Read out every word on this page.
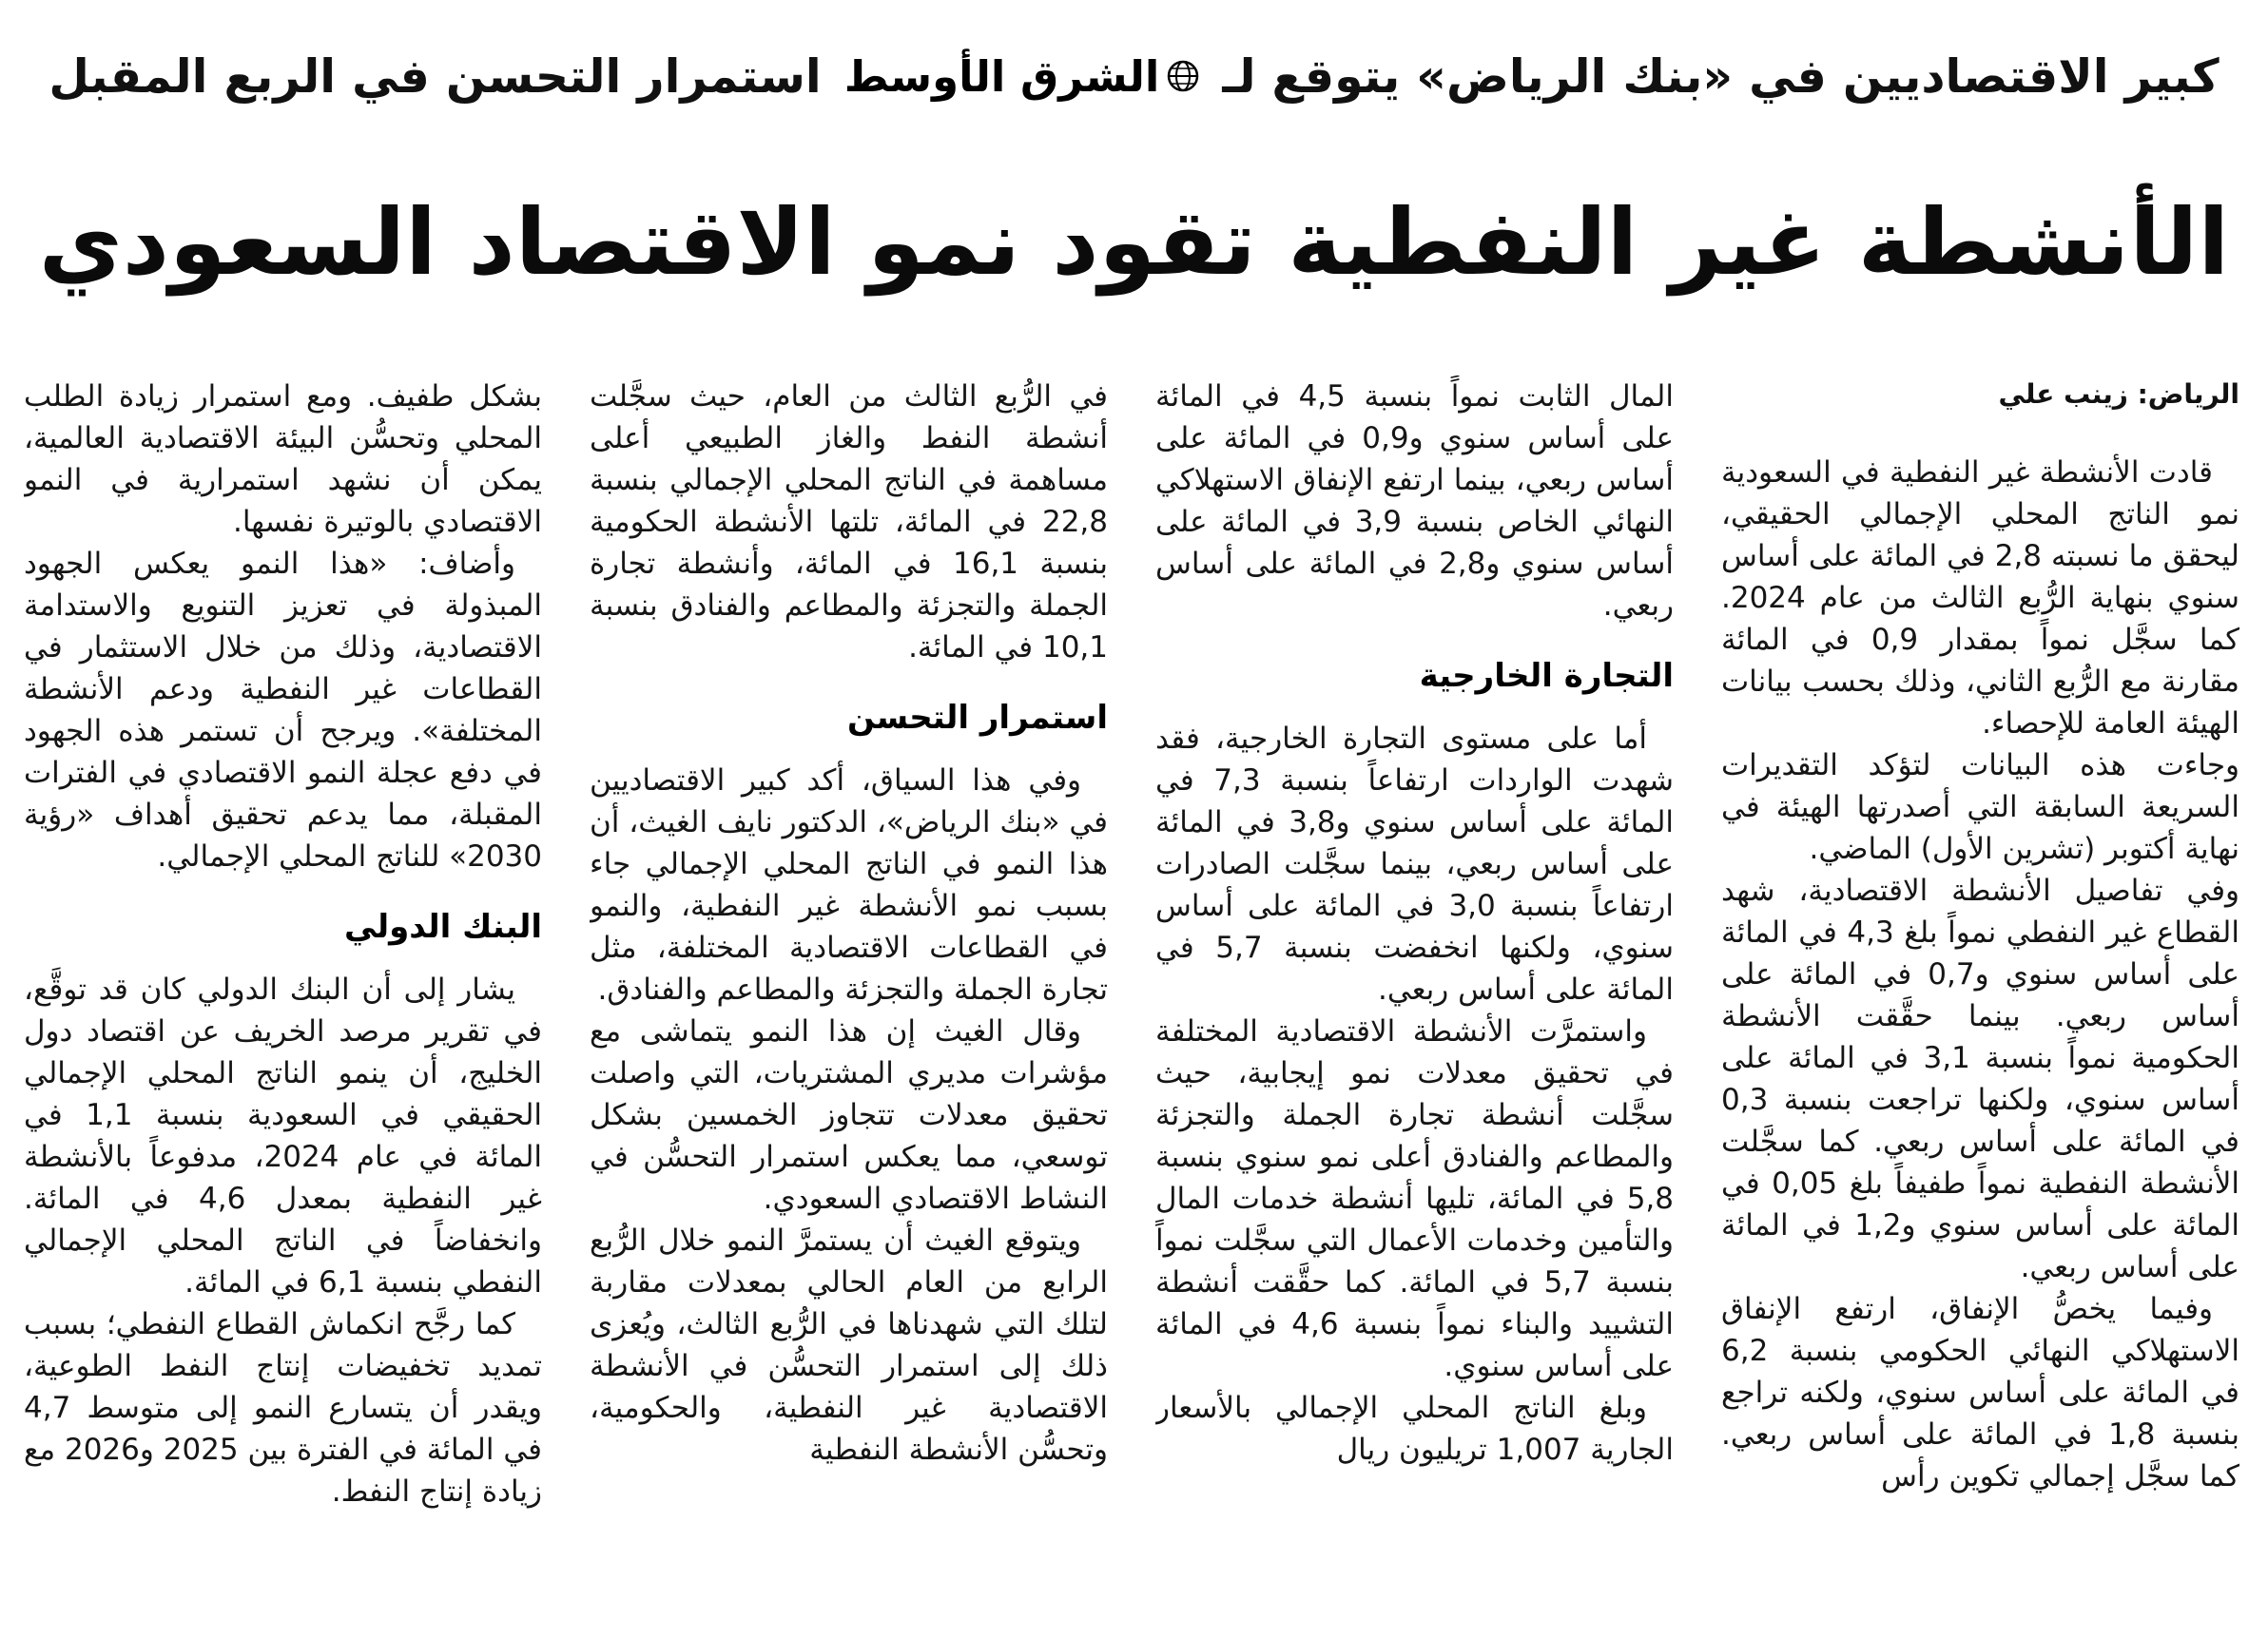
كبير الاقتصاديين في «بنك الرياض» يتوقع لـ
الشرق الأوسط
استمرار التحسن في الربع المقبل
الأنشطة غير النفطية تقود نمو الاقتصاد السعودي
الرياض: زينب علي

قادت الأنشطة غير النفطية في السعودية نمو الناتج المحلي الإجمالي الحقيقي، ليحقق ما نسبته 2,8 في المائة على أساس سنوي بنهاية الرُّبع الثالث من عام 2024. كما سجَّل نمواً بمقدار 0,9 في المائة مقارنة مع الرُّبع الثاني، وذلك بحسب بيانات الهيئة العامة للإحصاء.

وجاءت هذه البيانات لتؤكد التقديرات السريعة السابقة التي أصدرتها الهيئة في نهاية أكتوبر (تشرين الأول) الماضي.

وفي تفاصيل الأنشطة الاقتصادية، شهد القطاع غير النفطي نمواً بلغ 4,3 في المائة على أساس سنوي و0,7 في المائة على أساس ربعي. بينما حقَّقت الأنشطة الحكومية نمواً بنسبة 3,1 في المائة على أساس سنوي، ولكنها تراجعت بنسبة 0,3 في المائة على أساس ربعي. كما سجَّلت الأنشطة النفطية نمواً طفيفاً بلغ 0,05 في المائة على أساس سنوي و1,2 في المائة على أساس ربعي.

وفيما يخصُّ الإنفاق، ارتفع الإنفاق الاستهلاكي النهائي الحكومي بنسبة 6,2 في المائة على أساس سنوي، ولكنه تراجع بنسبة 1,8 في المائة على أساس ربعي. كما سجَّل إجمالي تكوين رأس

المال الثابت نمواً بنسبة 4,5 في المائة على أساس سنوي و0,9 في المائة على أساس ربعي، بينما ارتفع الإنفاق الاستهلاكي النهائي الخاص بنسبة 3,9 في المائة على أساس سنوي و2,8 في المائة على أساس ربعي.

التجارة الخارجية

أما على مستوى التجارة الخارجية، فقد شهدت الواردات ارتفاعاً بنسبة 7,3 في المائة على أساس سنوي و3,8 في المائة على أساس ربعي، بينما سجَّلت الصادرات ارتفاعاً بنسبة 3,0 في المائة على أساس سنوي، ولكنها انخفضت بنسبة 5,7 في المائة على أساس ربعي.

واستمرَّت الأنشطة الاقتصادية المختلفة في تحقيق معدلات نمو إيجابية، حيث سجَّلت أنشطة تجارة الجملة والتجزئة والمطاعم والفنادق أعلى نمو سنوي بنسبة 5,8 في المائة، تليها أنشطة خدمات المال والتأمين وخدمات الأعمال التي سجَّلت نمواً بنسبة 5,7 في المائة. كما حقَّقت أنشطة التشييد والبناء نمواً بنسبة 4,6 في المائة على أساس سنوي.

وبلغ الناتج المحلي الإجمالي بالأسعار الجارية 1,007 تريليون ريال

في الرُّبع الثالث من العام، حيث سجَّلت أنشطة النفط والغاز الطبيعي أعلى مساهمة في الناتج المحلي الإجمالي بنسبة 22,8 في المائة، تلتها الأنشطة الحكومية بنسبة 16,1 في المائة، وأنشطة تجارة الجملة والتجزئة والمطاعم والفنادق بنسبة 10,1 في المائة.

استمرار التحسن

وفي هذا السياق، أكد كبير الاقتصاديين في «بنك الرياض»، الدكتور نايف الغيث، أن هذا النمو في الناتج المحلي الإجمالي جاء بسبب نمو الأنشطة غير النفطية، والنمو في القطاعات الاقتصادية المختلفة، مثل تجارة الجملة والتجزئة والمطاعم والفنادق.

وقال الغيث إن هذا النمو يتماشى مع مؤشرات مديري المشتريات، التي واصلت تحقيق معدلات تتجاوز الخمسين بشكل توسعي، مما يعكس استمرار التحسُّن في النشاط الاقتصادي السعودي.

ويتوقع الغيث أن يستمرَّ النمو خلال الرُّبع الرابع من العام الحالي بمعدلات مقاربة لتلك التي شهدناها في الرُّبع الثالث، ويُعزى ذلك إلى استمرار التحسُّن في الأنشطة الاقتصادية غير النفطية، والحكومية، وتحسُّن الأنشطة النفطية

بشكل طفيف. ومع استمرار زيادة الطلب المحلي وتحسُّن البيئة الاقتصادية العالمية، يمكن أن نشهد استمرارية في النمو الاقتصادي بالوتيرة نفسها.

وأضاف: «هذا النمو يعكس الجهود المبذولة في تعزيز التنويع والاستدامة الاقتصادية، وذلك من خلال الاستثمار في القطاعات غير النفطية ودعم الأنشطة المختلفة». ويرجح أن تستمر هذه الجهود في دفع عجلة النمو الاقتصادي في الفترات المقبلة، مما يدعم تحقيق أهداف «رؤية 2030» للناتج المحلي الإجمالي.

البنك الدولي

يشار إلى أن البنك الدولي كان قد توقَّع، في تقرير مرصد الخريف عن اقتصاد دول الخليج، أن ينمو الناتج المحلي الإجمالي الحقيقي في السعودية بنسبة 1,1 في المائة في عام 2024، مدفوعاً بالأنشطة غير النفطية بمعدل 4,6 في المائة. وانخفاضاً في الناتج المحلي الإجمالي النفطي بنسبة 6,1 في المائة.

كما رجَّح انكماش القطاع النفطي؛ بسبب تمديد تخفيضات إنتاج النفط الطوعية، ويقدر أن يتسارع النمو إلى متوسط 4,7 في المائة في الفترة بين 2025 و2026 مع زيادة إنتاج النفط.
